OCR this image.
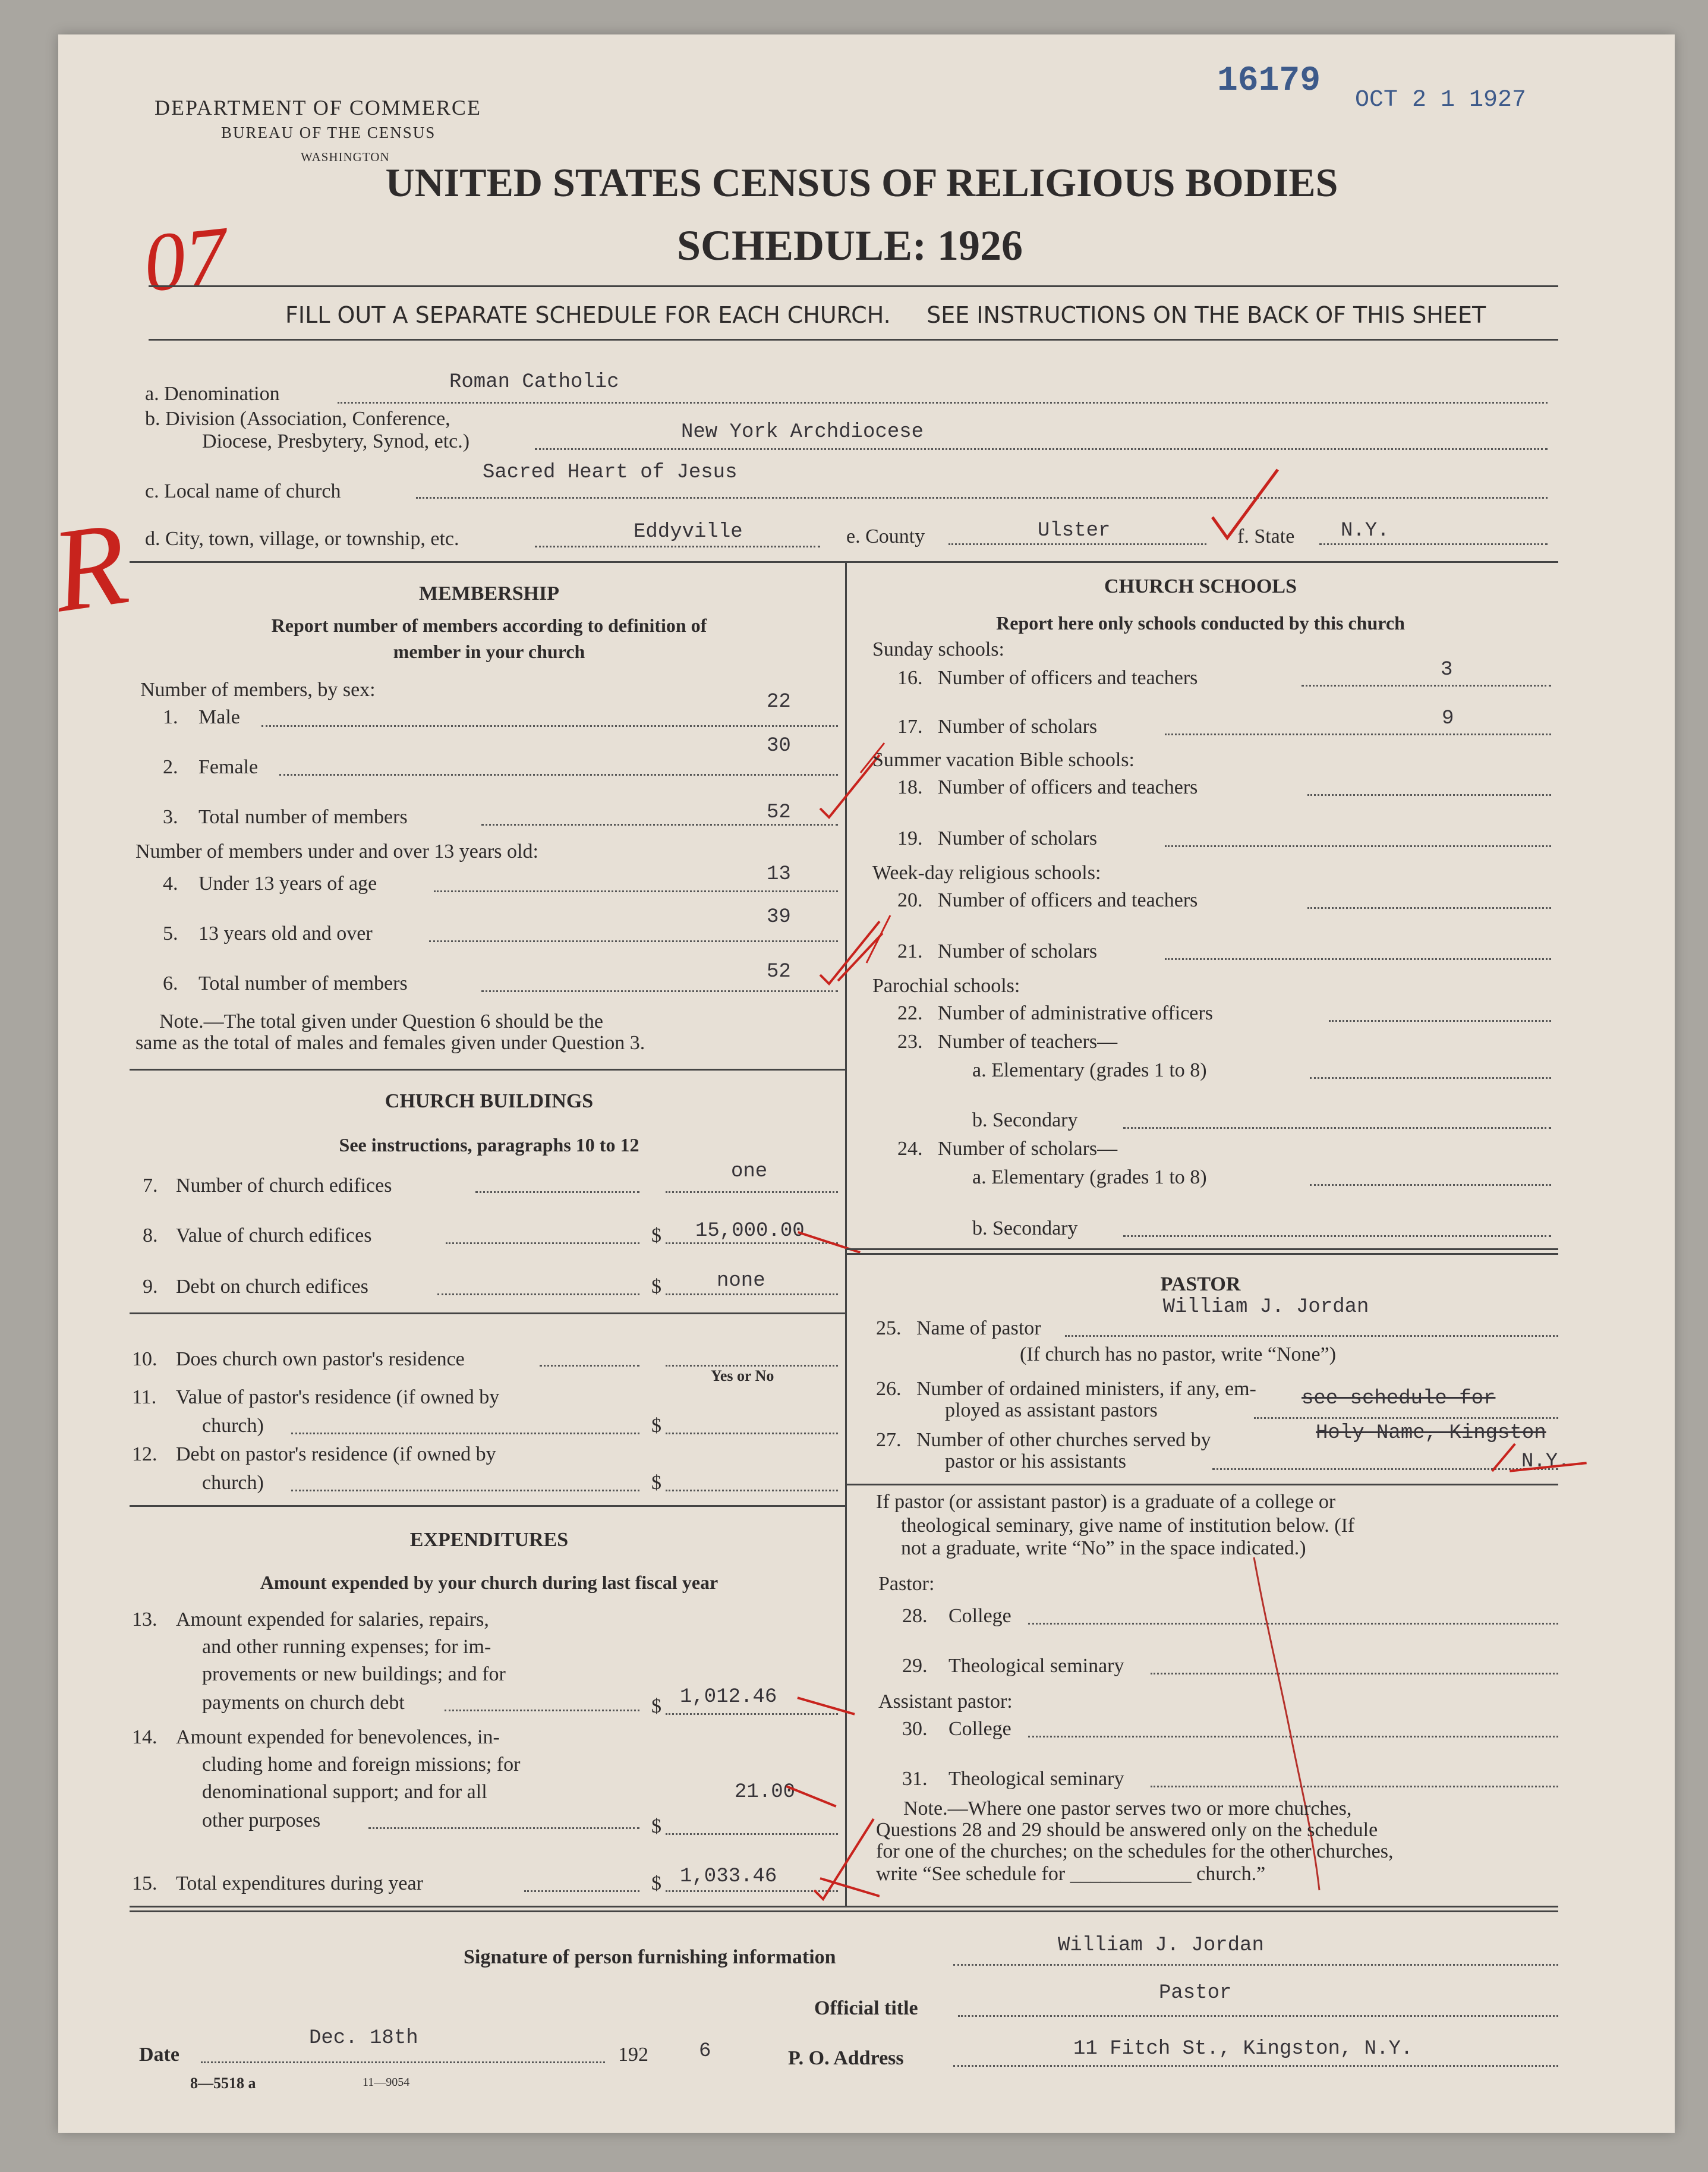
16179 OCT 2 1 1927
DEPARTMENT OF COMMERCE
BUREAU OF THE CENSUS
WASHINGTON
UNITED STATES CENSUS OF RELIGIOUS BODIES
SCHEDULE: 1926
07
R
FILL OUT A SEPARATE SCHEDULE FOR EACH CHURCH.     SEE INSTRUCTIONS ON THE BACK OF THIS SHEET
a. Denomination
Roman Catholic
b. Division (Association, Conference,
Diocese, Presbytery, Synod, etc.)	New York Archdiocese
Sacred Heart of Jesus
c. Local name of church
d. City, town, village, or township, etc.	Eddyville	e. County	Ulster	f. State N.Y.
MEMBERSHIP
Report number of members according to definition of
member in your church
Number of members, by sex:
1. Male
22
2. Female
30
3. Total number of members	52
Number of members under and over 13 years old:
4. Under 13 years of age	13
5. 13 years old and over
39
6. Total number of members
52
Note.—The total given under Question 6 should be the
same as the total of males and females given under Question 3.
CHURCH BUILDINGS
See instructions, paragraphs 10 to 12
7. Number of church edifices
one
8. Value of church edifices	$ 15,000.00
9. Debt on church edifices	$	none
10. Does church own pastor's residence
Yes or No
11. Value of pastor's residence (if owned by
church)	$
12. Debt on pastor's residence (if owned by
church)	$
EXPENDITURES
Amount expended by your church during last fiscal year
13. Amount expended for salaries, repairs,
and other running expenses; for im-
provements or new buildings; and for
payments on church debt	$ 1,012.46
14. Amount expended for benevolences, in-
cluding home and foreign missions; for
denominational support; and for all
other purposes	$
21.00
15. Total expenditures during year	$ 1,033.46
CHURCH SCHOOLS
Report here only schools conducted by this church
Sunday schools:
16. Number of officers and teachers	3
17. Number of scholars	9
Summer vacation Bible schools:
18. Number of officers and teachers
19. Number of scholars
Week-day religious schools:
20. Number of officers and teachers
21. Number of scholars
Parochial schools:
22. Number of administrative officers
23. Number of teachers—
a. Elementary (grades 1 to 8)
b. Secondary
24. Number of scholars—
a. Elementary (grades 1 to 8)
b. Secondary
PASTOR
William J. Jordan
25. Name of pastor
(If church has no pastor, write “None”)
26. Number of ordained ministers, if any, em-
ployed as assistant pastors
see schedule for
27. Number of other churches served by
pastor or his assistants
Holy Name, Kingston
N.Y.
If pastor (or assistant pastor) is a graduate of a college or
theological seminary, give name of institution below. (If
not a graduate, write “No” in the space indicated.)
Pastor:
28. College
29. Theological seminary
Assistant pastor:
30. College
31. Theological seminary
Note.—Where one pastor serves two or more churches,
Questions 28 and 29 should be answered only on the schedule
for one of the churches; on the schedules for the other churches,
write “See schedule for ____________ church.”
William J. Jordan
Signature of person furnishing information
Pastor
Official title
Date
Dec. 18th
192	6	P. O. Address	11 Fitch St., Kingston, N.Y.
8—5518 a	11—9054
